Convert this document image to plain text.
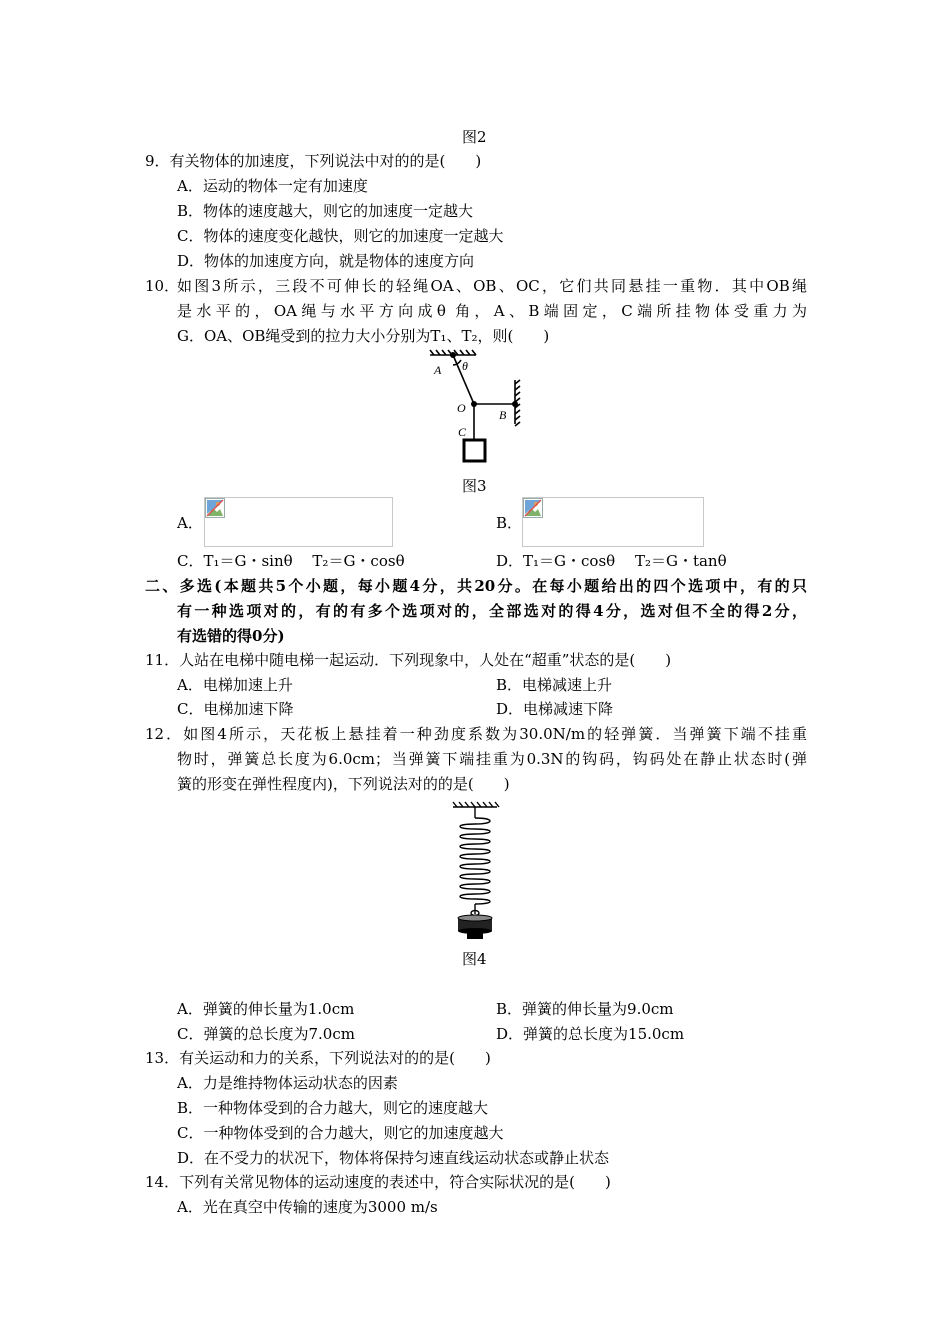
图2
9．有关物体的加速度，下列说法中对的的是(　　)
A．运动的物体一定有加速度
B．物体的速度越大，则它的加速度一定越大
C．物体的速度变化越快，则它的加速度一定越大
D．物体的加速度方向，就是物体的速度方向
10．
如图3所示，三段不可伸长的轻绳OA、OB、OC，它们共同悬挂一重物．其中OB绳
是水平的，OA绳与水平方向成θ 角，A、B端固定，C端所挂物体受重力为
G．OA、OB绳受到的拉力大小分别为T₁、T₂，则(　　)
A θ
O	B
C
图3
A．	B．
C．T₁＝G・sinθ　 T₂＝G・cosθ	D．T₁＝G・cosθ　 T₂＝G・tanθ
二、多选(本题共5个小题，每小题4分，共20分。在每小题给出的四个选项中，有的只
有一种选项对的，有的有多个选项对的，全部选对的得4分，选对但不全的得2分，
有选错的得0分)
11．人站在电梯中随电梯一起运动．下列现象中，人处在“超重”状态的是(　　)
A．电梯加速上升	B．电梯减速上升
C．电梯加速下降	D．电梯减速下降
12．如图4所示，天花板上悬挂着一种劲度系数为30.0N/m的轻弹簧．当弹簧下端不挂重
物时，弹簧总长度为6.0cm；当弹簧下端挂重为0.3N的钩码，钩码处在静止状态时(弹
簧的形变在弹性程度内)，下列说法对的的是(　　)
图4
A．弹簧的伸长量为1.0cm	B．弹簧的伸长量为9.0cm
C．弹簧的总长度为7.0cm	D．弹簧的总长度为15.0cm
13．有关运动和力的关系，下列说法对的的是(　　)
A．力是维持物体运动状态的因素
B．一种物体受到的合力越大，则它的速度越大
C．一种物体受到的合力越大，则它的加速度越大
D．在不受力的状况下，物体将保持匀速直线运动状态或静止状态
14．下列有关常见物体的运动速度的表述中，符合实际状况的是(　　)
A．光在真空中传输的速度为3000 m/s
